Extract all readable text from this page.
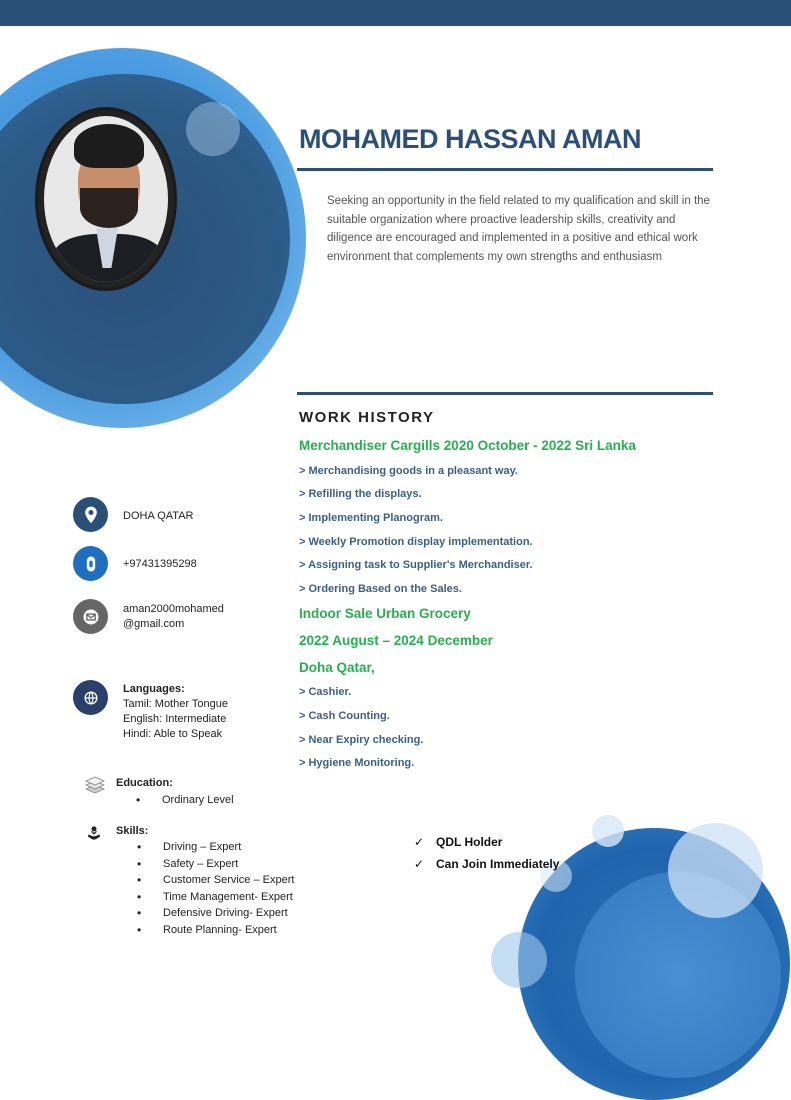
MOHAMED HASSAN AMAN

Seeking an opportunity in the field related to my qualification and skill in the suitable organization where proactive leadership skills, creativity and diligence are encouraged and implemented in a positive and ethical work environment that complements my own strengths and enthusiasm

WORK HISTORY
Merchandiser Cargills 2020 October - 2022 Sri Lanka
> Merchandising goods in a pleasant way.
> Refilling the displays.
> Implementing Planogram.
> Weekly Promotion display implementation.
> Assigning task to Supplier's Merchandiser.
> Ordering Based on the Sales.
Indoor Sale Urban Grocery
2022 August – 2024 December
Doha Qatar,
> Cashier.
> Cash Counting.
> Near Expiry checking.
> Hygiene Monitoring.
DOHA QATAR
+97431395298
aman2000mohamed
@gmail.com
Languages:
Tamil: Mother Tongue
English: Intermediate
Hindi: Able to Speak
Education:
• Ordinary Level
Skills:
• Driving – Expert
• Safety – Expert
• Customer Service – Expert
• Time Management- Expert
• Defensive Driving- Expert
• Route Planning- Expert
✓ QDL Holder
✓ Can Join Immediately
